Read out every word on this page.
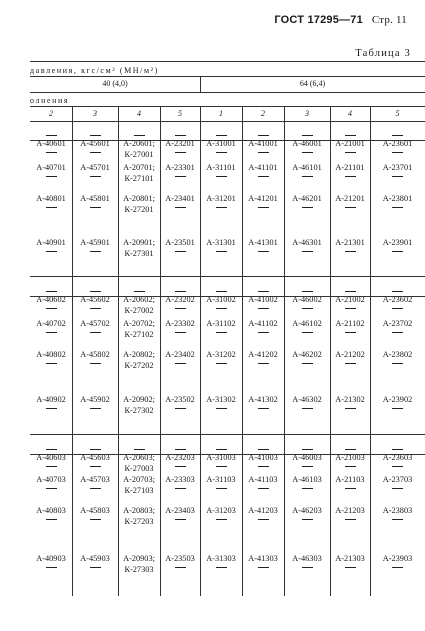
ГОСТ 17295—71 Стр. 11
Таблица 3
давления, кгс/см² (МН/м²)
40 (4,0)	64 (6,4)
олнения
2	3	4	5	1	2	3	4	5
А-40601	А-45601	А-20601;
К-27001
А-23201	А-31001	А-41001	А-46001	А-21001	А-23601
А-40701	А-45701	А-20701;
К-27101
А-23301	А-31101	А-41101	А-46101	А-21101	А-23701
А-40801	А-45801	А-20801;
К-27201
А-23401	А-31201	А-41201	А-46201	А-21201	А-23801
А-40901	А-45901	А-20901;
К-27301
А-23501	А-31301	А-41301	А-46301	А-21301	А-23901
А-40602	А-45602	А-20602;
К-27002
А-23202	А-31002	А-41002	А-46002	А-21002	А-23602
А-40702	А-45702	А-20702;
К-27102
А-23302	А-31102	А-41102	А-46102	А-21102	А-23702
А-40802	А-45802	А-20802;
К-27202
А-23402	А-31202	А-41202	А-46202	А-21202	А-23802
А-40902	А-45902	А-20902;
К-27302
А-23502	А-31302	А-41302	А-46302	А-21302	А-23902
А-40603	А-45603	А-20603;
К-27003
А-23203	А-31003	А-41003	А-46003	А-21003	А-23603
А-40703	А-45703	А-20703;
К-27103
А-23303	А-31103	А-41103	А-46103	А-21103	А-23703
А-40803	А-45803	А-20803;
К-27203
А-23403	А-31203	А-41203	А-46203	А-21203	А-23803
А-40903	А-45903	А-20903;
К-27303
А-23503	А-31303	А-41303	А-46303	А-21303	А-23903
